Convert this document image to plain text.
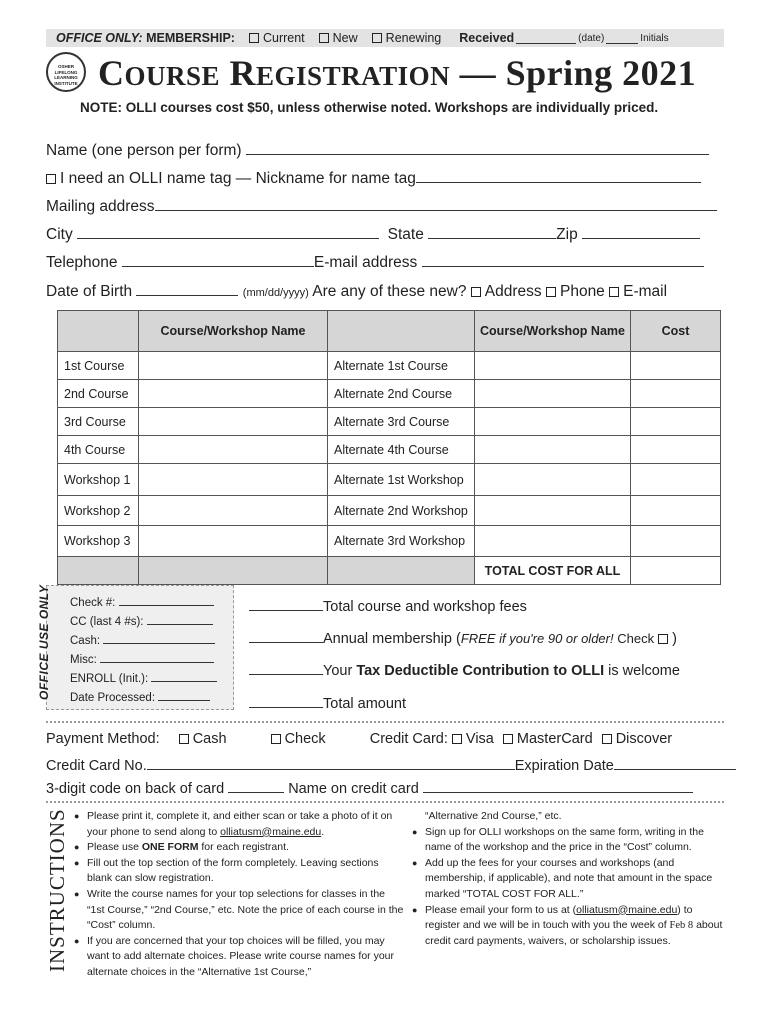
OFFICE ONLY:
MEMBERSHIP: Current New Renewing Received	(date)	Initials
OSHER LIFELONG LEARNING INSTITUTE COURSE REGISTRATION — Spring 2021
NOTE: OLLI courses cost $50, unless otherwise noted. Workshops are individually priced.
Name (one person per form)
I need an OLLI name tag — Nickname for name tag
Mailing address
City	State	Zip
Telephone	E-mail address
Date of Birth	(mm/dd/yyyy) Are any of these new? Address Phone E-mail
	Course/Workshop Name		Course/Workshop Name	Cost
1st Course		Alternate 1st Course		
2nd Course		Alternate 2nd Course		
3rd Course		Alternate 3rd Course		
4th Course		Alternate 4th Course		
Workshop 1		Alternate 1st Workshop		
Workshop 2		Alternate 2nd Workshop		
Workshop 3		Alternate 3rd Workshop		
			TOTAL COST FOR ALL	
OFFICE USE ONLY Check #:
CC (last 4 #s):
Cash:
Misc:
ENROLL (Init.):
Date Processed:
Total course and workshop fees
Annual membership (FREE if you're 90 or older! Check )
Your Tax Deductible Contribution to OLLI is welcome
Total amount
Payment Method: Cash	Check	Credit Card: Visa MasterCard Discover
Credit Card No.	Expiration Date
3-digit code on back of card	Name on credit card
INSTRUCTIONS	● Please print it, complete it, and either scan or take a photo of it on your phone to send along to olliatusm@maine.edu.
● Please use ONE FORM for each registrant.
● Fill out the top section of the form completely. Leaving sections blank can slow registration.
● Write the course names for your top selections for classes in the “1st Course,” “2nd Course,” etc. Note the price of each course in the “Cost” column.
● If you are concerned that your top choices will be filled, you may want to add alternate choices. Please write course names for your alternate choices in the “Alternative 1st Course,”
“Alternative 2nd Course,” etc.
● Sign up for OLLI workshops on the same form, writing in the name of the workshop and the price in the “Cost” column.
● Add up the fees for your courses and workshops (and membership, if applicable), and note that amount in the space marked “TOTAL COST FOR ALL.”
● Please email your form to us at (olliatusm@maine.edu) to register and we will be in touch with you the week of Feb 8 about credit card payments, waivers, or scholarship issues.
